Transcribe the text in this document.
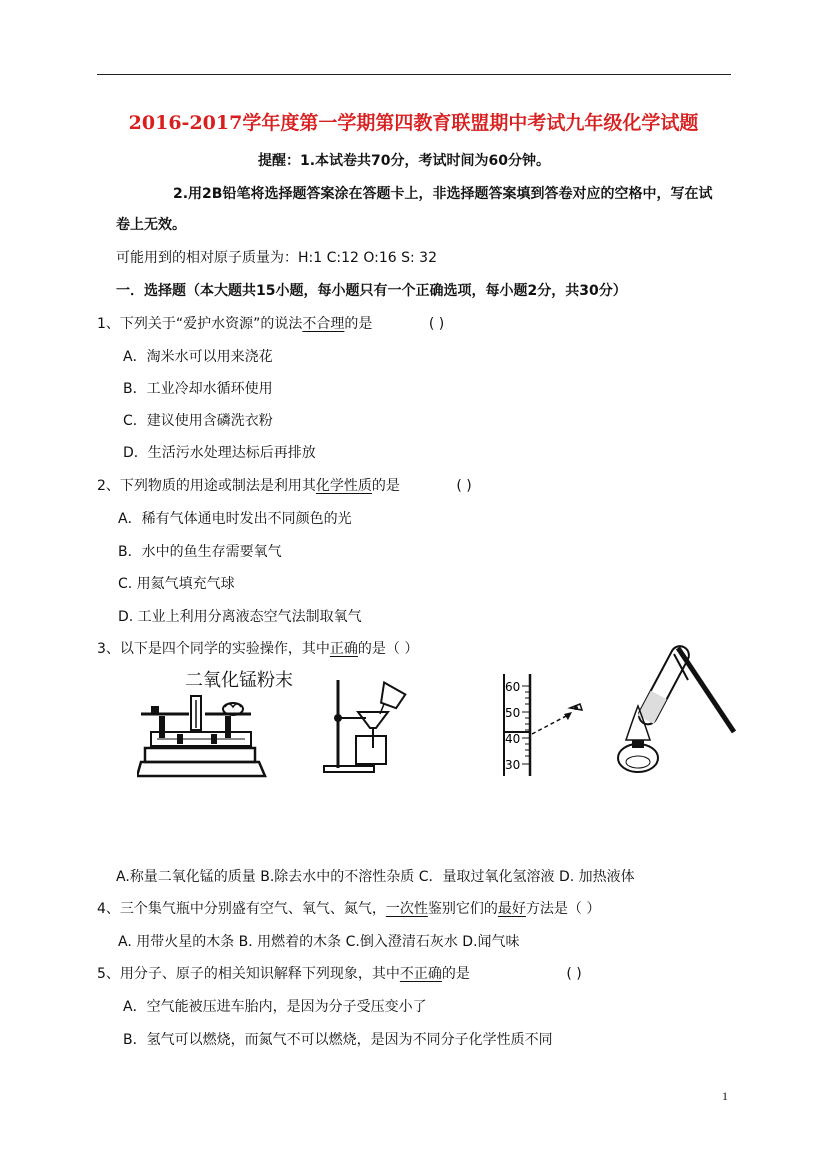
2016-2017学年度第一学期第四教育联盟期中考试九年级化学试题
提醒：1.本试卷共70分，考试时间为60分钟。
2.用2B铅笔将选择题答案涂在答题卡上，非选择题答案填到答卷对应的空格中，写在试
卷上无效。
可能用到的相对原子质量为：H:1 C:12 O:16 S: 32
一．选择题（本大题共15小题，每小题只有一个正确选项，每小题2分，共30分）
1、下列关于“爱护水资源”的说法不合理的是	( )
A．淘米水可以用来浇花
B．工业冷却水循环使用
C．建议使用含磷洗衣粉
D．生活污水处理达标后再排放
2、下列物质的用途或制法是利用其化学性质的是	( )
A．稀有气体通电时发出不同颜色的光
B．水中的鱼生存需要氧气
C. 用氦气填充气球
D. 工业上利用分离液态空气法制取氧气
3、以下是四个同学的实验操作，其中正确的是（ ）
二氧化锰粉末	60
50
40
30
A.称量二氧化锰的质量 B.除去水中的不溶性杂质 C．量取过氧化氢溶液 D. 加热液体
4、三个集气瓶中分别盛有空气、氧气、氮气，一次性鉴别它们的最好方法是（ ）
A. 用带火星的木条 B. 用燃着的木条 C.倒入澄清石灰水 D.闻气味
5、用分子、原子的相关知识解释下列现象，其中不正确的是	( )
A．空气能被压进车胎内，是因为分子受压变小了
B．氢气可以燃烧，而氮气不可以燃烧，是因为不同分子化学性质不同
1
